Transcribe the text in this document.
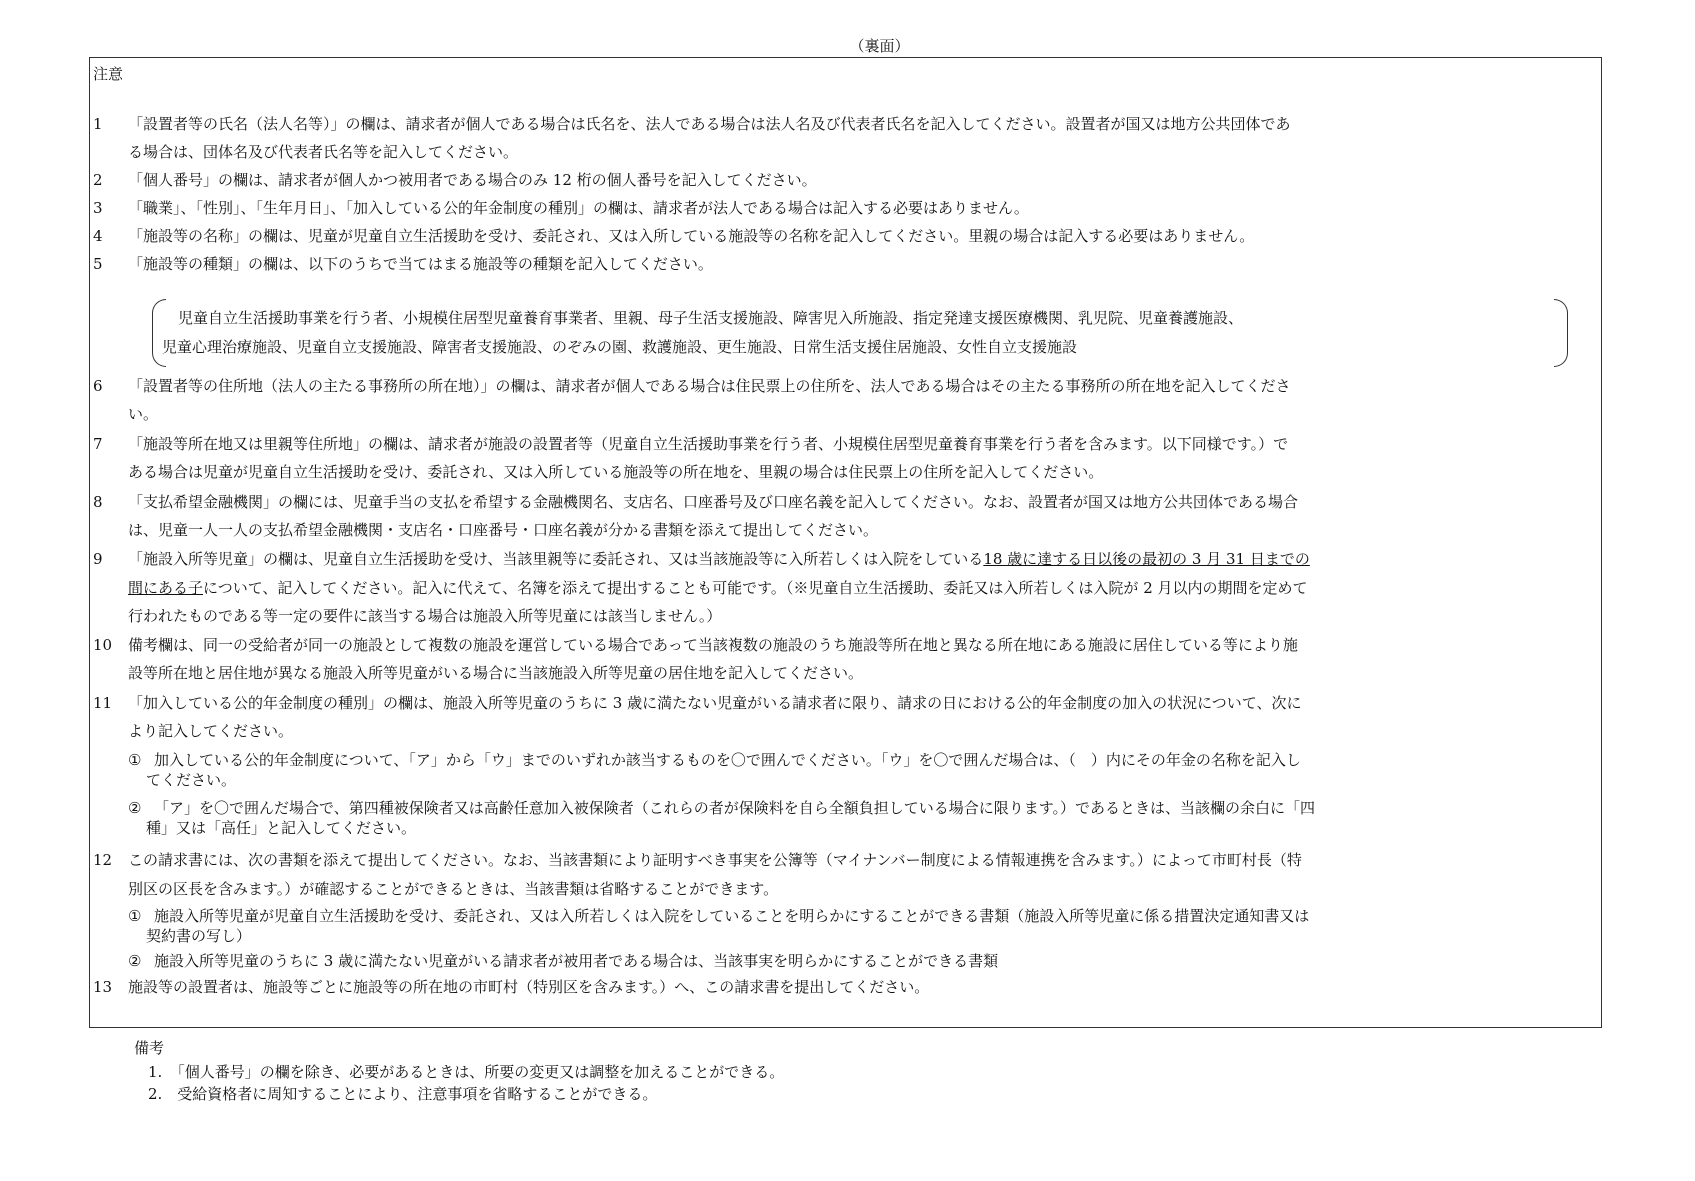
（裏面）
注意
1 「設置者等の氏名（法人名等）」の欄は、請求者が個人である場合は氏名を、法人である場合は法人名及び代表者氏名を記入してください。設置者が国又は地方公共団体であ
る場合は、団体名及び代表者氏名等を記入してください。
2 「個人番号」の欄は、請求者が個人かつ被用者である場合のみ 12 桁の個人番号を記入してください。
3 「職業」、「性別」、「生年月日」、「加入している公的年金制度の種別」の欄は、請求者が法人である場合は記入する必要はありません。
4 「施設等の名称」の欄は、児童が児童自立生活援助を受け、委託され、又は入所している施設等の名称を記入してください。里親の場合は記入する必要はありません。
5 「施設等の種類」の欄は、以下のうちで当てはまる施設等の種類を記入してください。
児童自立生活援助事業を行う者、小規模住居型児童養育事業者、里親、母子生活支援施設、障害児入所施設、指定発達支援医療機関、乳児院、児童養護施設、
児童心理治療施設、児童自立支援施設、障害者支援施設、のぞみの園、救護施設、更生施設、日常生活支援住居施設、女性自立支援施設
6 「設置者等の住所地（法人の主たる事務所の所在地）」の欄は、請求者が個人である場合は住民票上の住所を、法人である場合はその主たる事務所の所在地を記入してくださ
い。
7 「施設等所在地又は里親等住所地」の欄は、請求者が施設の設置者等（児童自立生活援助事業を行う者、小規模住居型児童養育事業を行う者を含みます。以下同様です。）で
ある場合は児童が児童自立生活援助を受け、委託され、又は入所している施設等の所在地を、里親の場合は住民票上の住所を記入してください。
8 「支払希望金融機関」の欄には、児童手当の支払を希望する金融機関名、支店名、口座番号及び口座名義を記入してください。なお、設置者が国又は地方公共団体である場合
は、児童一人一人の支払希望金融機関・支店名・口座番号・口座名義が分かる書類を添えて提出してください。
9 「施設入所等児童」の欄は、児童自立生活援助を受け、当該里親等に委託され、又は当該施設等に入所若しくは入院をしている18 歳に達する日以後の最初の 3 月 31 日までの
間にある子について、記入してください。記入に代えて、名簿を添えて提出することも可能です。（※児童自立生活援助、委託又は入所若しくは入院が 2 月以内の期間を定めて
行われたものである等一定の要件に該当する場合は施設入所等児童には該当しません。）
10 備考欄は、同一の受給者が同一の施設として複数の施設を運営している場合であって当該複数の施設のうち施設等所在地と異なる所在地にある施設に居住している等により施
設等所在地と居住地が異なる施設入所等児童がいる場合に当該施設入所等児童の居住地を記入してください。
11 「加入している公的年金制度の種別」の欄は、施設入所等児童のうちに 3 歳に満たない児童がいる請求者に限り、請求の日における公的年金制度の加入の状況について、次に
より記入してください。
① 加入している公的年金制度について、「ア」から「ウ」までのいずれか該当するものを〇で囲んでください。「ウ」を〇で囲んだ場合は、（　）内にその年金の名称を記入し
てください。
② 「ア」を〇で囲んだ場合で、第四種被保険者又は高齢任意加入被保険者（これらの者が保険料を自ら全額負担している場合に限ります。）であるときは、当該欄の余白に「四
種」又は「高任」と記入してください。
12 この請求書には、次の書類を添えて提出してください。なお、当該書類により証明すべき事実を公簿等（マイナンバー制度による情報連携を含みます。）によって市町村長（特
別区の区長を含みます。）が確認することができるときは、当該書類は省略することができます。
① 施設入所等児童が児童自立生活援助を受け、委託され、又は入所若しくは入院をしていることを明らかにすることができる書類（施設入所等児童に係る措置決定通知書又は
契約書の写し）
② 施設入所等児童のうちに 3 歳に満たない児童がいる請求者が被用者である場合は、当該事実を明らかにすることができる書類
13 施設等の設置者は、施設等ごとに施設等の所在地の市町村（特別区を含みます。）へ、この請求書を提出してください。
備考
1.　「個人番号」の欄を除き、必要があるときは、所要の変更又は調整を加えることができる。
2.　受給資格者に周知することにより、注意事項を省略することができる。
